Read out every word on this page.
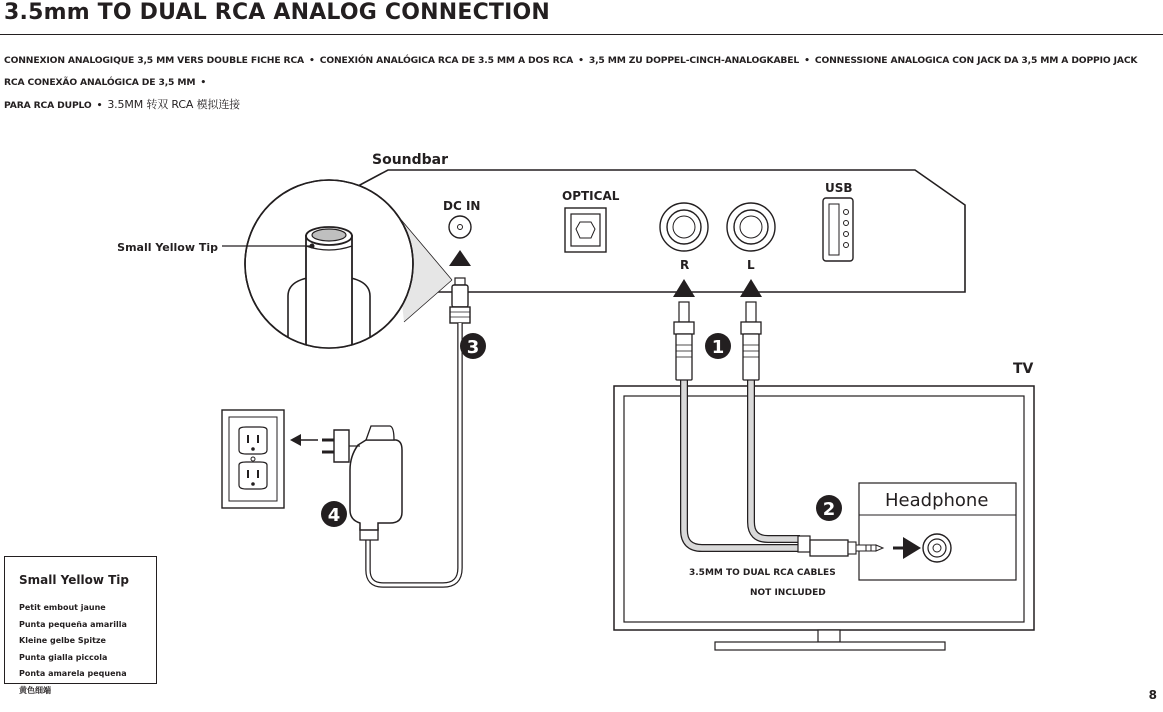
3.5mm TO DUAL RCA ANALOG CONNECTION
CONNEXION ANALOGIQUE 3,5 MM VERS DOUBLE FICHE RCA • CONEXIÓN ANALÓGICA RCA DE 3.5 MM A DOS RCA • 3,5 MM ZU DOPPEL-CINCH-ANALOGKABEL • CONNESSIONE ANALOGICA CON JACK DA 3,5 MM A DOPPIO JACK RCA CONEXÃO ANALÓGICA DE 3,5 MM •
PARA RCA DUPLO • 3.5MM 转双 RCA 模拟连接
Soundbar
DC IN
OPTICAL
R	L
USB
Small Yellow Tip
TV
Headphone
3.5MM TO DUAL RCA CABLES
NOT INCLUDED
1
2
3
4
Small Yellow Tip
Petit embout jaune
Punta pequeña amarilla
Kleine gelbe Spitze
Punta gialla piccola
Ponta amarela pequena
黄色细端	8
